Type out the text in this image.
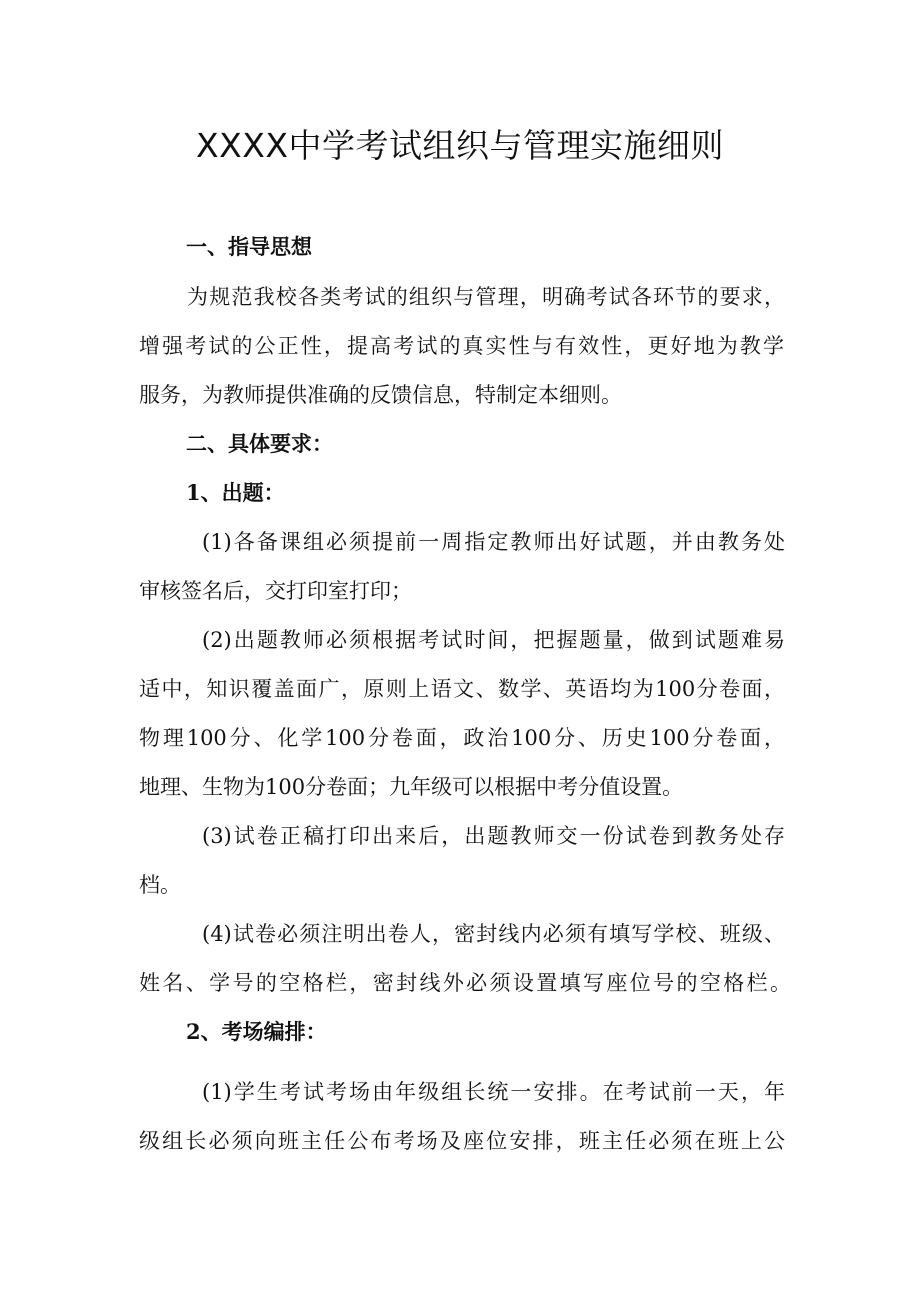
XXXX中学考试组织与管理实施细则

一、指导思想

为规范我校各类考试的组织与管理，明确考试各环节的要求，

增强考试的公正性，提高考试的真实性与有效性，更好地为教学

服务，为教师提供准确的反馈信息，特制定本细则。

二、具体要求：

1、出题：

(1)各备课组必须提前一周指定教师出好试题，并由教务处

审核签名后，交打印室打印；

(2)出题教师必须根据考试时间，把握题量，做到试题难易

适中，知识覆盖面广，原则上语文、数学、英语均为100分卷面，

物理100分、化学100分卷面，政治100分、历史100分卷面，

地理、生物为100分卷面；九年级可以根据中考分值设置。

(3)试卷正稿打印出来后，出题教师交一份试卷到教务处存

档。

(4)试卷必须注明出卷人，密封线内必须有填写学校、班级、

姓名、学号的空格栏，密封线外必须设置填写座位号的空格栏。

2、考场编排：

(1)学生考试考场由年级组长统一安排。在考试前一天，年

级组长必须向班主任公布考场及座位安排，班主任必须在班上公
